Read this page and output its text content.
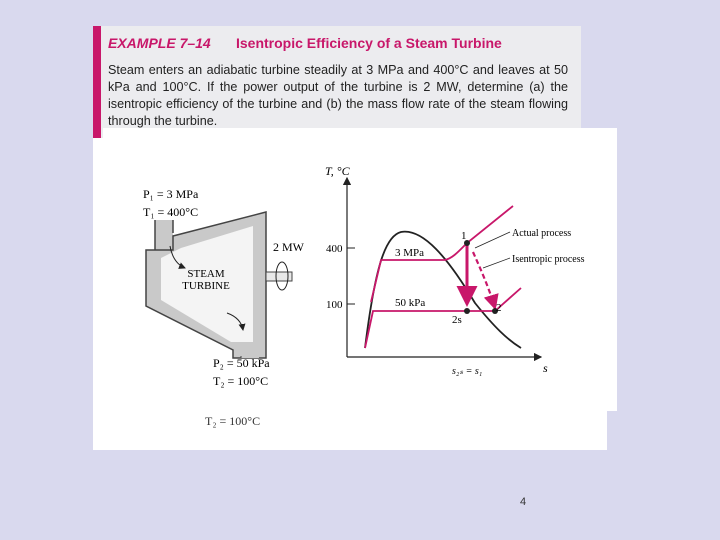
EXAMPLE 7–14 Isentropic Efficiency of a Steam Turbine
Steam enters an adiabatic turbine steadily at 3 MPa and 400°C and leaves at 50 kPa and 100°C. If the power output of the turbine is 2 MW, determine (a) the isentropic efficiency of the turbine and (b) the mass flow rate of the steam flowing through the turbine.
T₂ = 100°C
P₁ = 3 MPa
T₁ = 400°C
STEAM
TURBINE
2 MW
P₂ = 50 kPa
T₂ = 100°C
T, °C
s
400
100
3 MPa
50 kPa
1
2
2s
Actual process
Isentropic process
s₂ₛ = s₁
4
